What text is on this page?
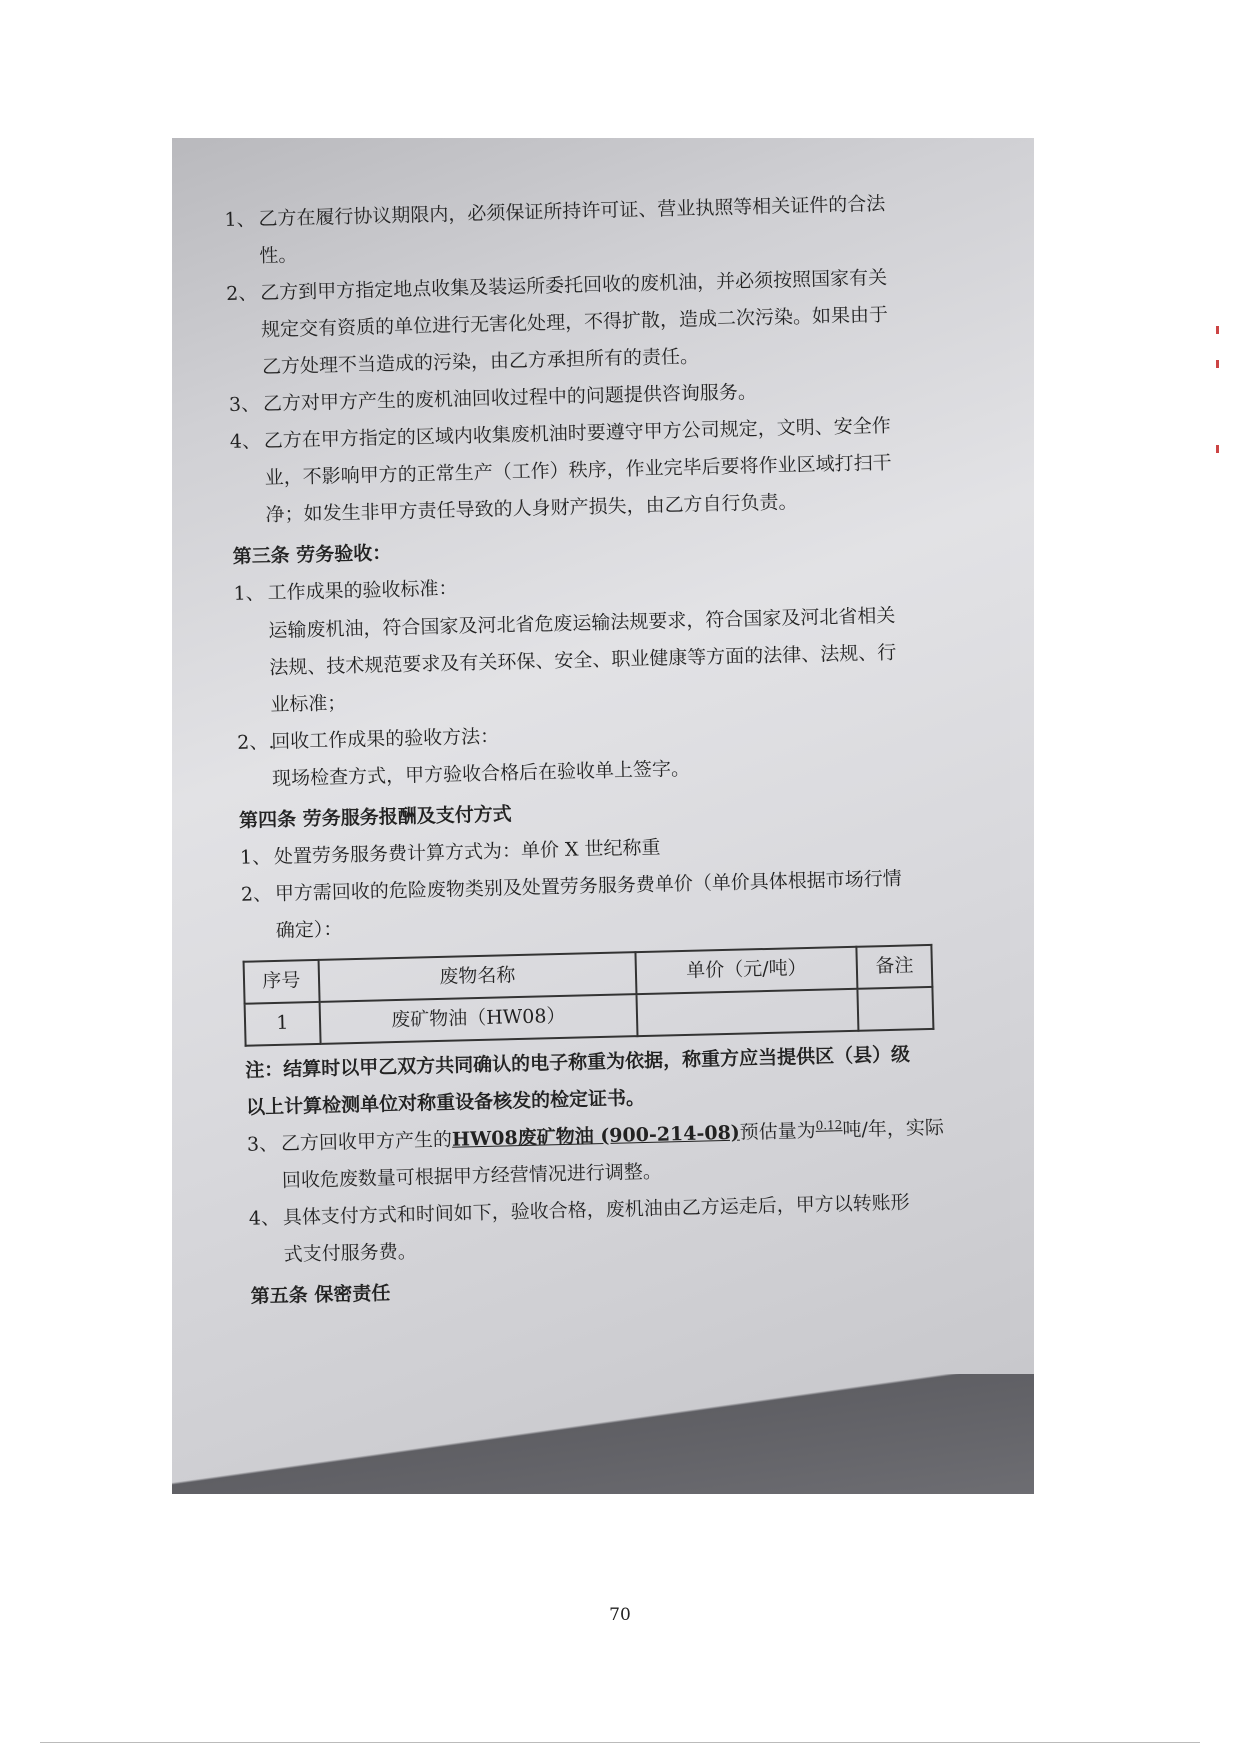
1、 乙方在履行协议期限内，必须保证所持许可证、营业执照等相关证件的合法

性。

2、 乙方到甲方指定地点收集及装运所委托回收的废机油，并必须按照国家有关

规定交有资质的单位进行无害化处理，不得扩散，造成二次污染。如果由于

乙方处理不当造成的污染，由乙方承担所有的责任。

3、 乙方对甲方产生的废机油回收过程中的问题提供咨询服务。

4、 乙方在甲方指定的区域内收集废机油时要遵守甲方公司规定，文明、安全作

业，不影响甲方的正常生产（工作）秩序，作业完毕后要将作业区域打扫干

净；如发生非甲方责任导致的人身财产损失，由乙方自行负责。

第三条 劳务验收：

1、 工作成果的验收标准：

运输废机油，符合国家及河北省危废运输法规要求，符合国家及河北省相关

法规、技术规范要求及有关环保、安全、职业健康等方面的法律、法规、行

业标准；

2、.回收工作成果的验收方法：

现场检查方式，甲方验收合格后在验收单上签字。

第四条 劳务服务报酬及支付方式

1、 处置劳务服务费计算方式为：单价 X 世纪称重

2、 甲方需回收的危险废物类别及处置劳务服务费单价（单价具体根据市场行情

确定）：

序号	废物名称	单价（元/吨）	备注
1	废矿物油（HW08）		

注：结算时以甲乙双方共同确认的电子称重为依据，称重方应当提供区（县）级

以上计算检测单位对称重设备核发的检定证书。

3、 乙方回收甲方产生的HW08废矿物油 (900-214-08)预估量为$^{0.12}$吨/年，实际

回收危废数量可根据甲方经营情况进行调整。

4、 具体支付方式和时间如下，验收合格，废机油由乙方运走后，甲方以转账形

式支付服务费。

第五条 保密责任

70
